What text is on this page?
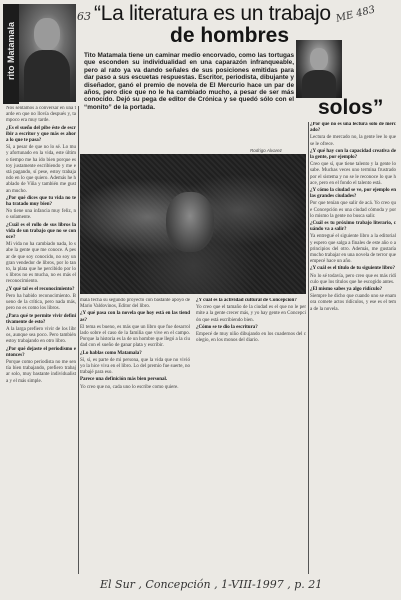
63	ME 483
“La literatura es un trabajo
de hombres
rito Matamala	Tito Matamala tiene un caminar medio encorvado, como las tortugas que esconden su individualidad en una caparazón infranqueable, pero al rato ya va dando señales de sus posiciones emitidas para dar paso a sus escuetas respuestas. Escritor, periodista, dibujante y diseñador, ganó el premio de novela de El Mercurio hace un par de años, pero dice que no le ha cambiado mucho, a pesar de ser más conocido. Dejó su pega de editor de Crónica y se quedó sólo con el “monito” de la portada.
Rodrigo Alvarez
solos”

Nos sentamos a conversar en una tarde en que no llovía después y, tampoco era muy tarde.

¿Es el sueño del pibe éste de escribir a escritor y que más es ahora lo que te pasa?

Sí, a pesar de que no lo sé. Lo muy afortunado en la vida, este último tiempo me ha ido bien porque estoy justamente escribiendo y me está pagando, sí pese, estoy trabajando en lo que quiero. Además he hablado de Viña y también me gustan mucho.

¿Por qué dices que tu vida no te ha tratado muy bien?

No tiene una infancia muy feliz, no solamente.

¿Cuál es el rollo de sus libros la vida de un trabajo que no se conoce?

Mi vida no ha cambiado nada, lo sabe la gente que me conoce. A pesar de que soy conocido, no soy un gran vendedor de libros, por lo tanto, la plata que he percibido por los libros no es mucha, no es más el reconocimiento.

¿Y qué tal es el reconocimiento?

Pero ha habido reconocimiento. Bueno de la crítica, pero nada más, pero no es como los libros.

¿Para qué te permite vivir definitivamente de esto?

A la larga prefiero vivir de los libros, aunque sea poco. Pero también estoy trabajando en otro libro.

¿Por qué dejaste el periodismo entonces?

Porque como periodista no me sentía bien trabajando, prefiero trabajar solo, muy bastante individualista y el más simple.

mala fecha su segundo proyecto con bastante apoyo de Mario Valdovinos, Editor del libro.

¿Y qué pasa con la novela que hoy está en las tiendas?

El tema es bueno, es más que un libro que fue desarrollado sobre el caso de la familia que vive en el campo. Porque la historia es la de un hombre que llegó a la ciudad con el sueño de ganar plata y escribir.

¿Lo hablas como Matamala?

Sí, sí, es parte de mi persona, que la vida que no vivió yo la hice viva en el libro. Lo del premio fue suerte, no trabajé para eso.

Parece una definición más bien personal.

Yo creo que no, cada uno lo escribe como quiere.

¿Y cuál es la actividad cultural de Concepción?

Yo creo que el tamaño de la ciudad es el que no le permite a la gente crecer más, y yo hay gente en Concepción que está escribiendo bien.

¿Cómo se te dio la escritura?

Empecé de muy niño dibujando en los cuadernos del colegio, en los monos del diario.

¿Por qué no es una lectura sólo de mercado?

Lectura de mercado no, la gente lee lo que se le ofrece.

¿Y qué hay con la capacidad creativa de la gente, por ejemplo?

Creo que sí, que tiene talento y la gente lo sabe. Muchas veces uno termina frustrado por el sistema y no se le reconoce lo que hace, pero en el fondo el talento está.

¿Y cómo la ciudad se ve, por ejemplo en las grandes ciudades?

Por que tenían que salir de acá. Yo creo que Concepción es una ciudad cómoda y por lo mismo la gente no busca salir.

¿Cuál es tu próximo trabajo literario, cuándo va a salir?

Ya entregué el siguiente libro a la editorial y espero que salga a finales de este año o a principios del otro. Además, me gustaría mucho trabajar en una novela de terror que empecé hace un año.

¿Y cuál es el título de tu siguiente libro?

No lo sé todavía, pero creo que es más ridículo que los títulos que he escogido antes.

¿El mismo sabes ya algo ridículo?

Siempre he dicho que cuando uno se enamora comete actos ridículos, y ese es el tema de la novela.

El Sur , Concepción , 1-VIII-1997 , p. 21
